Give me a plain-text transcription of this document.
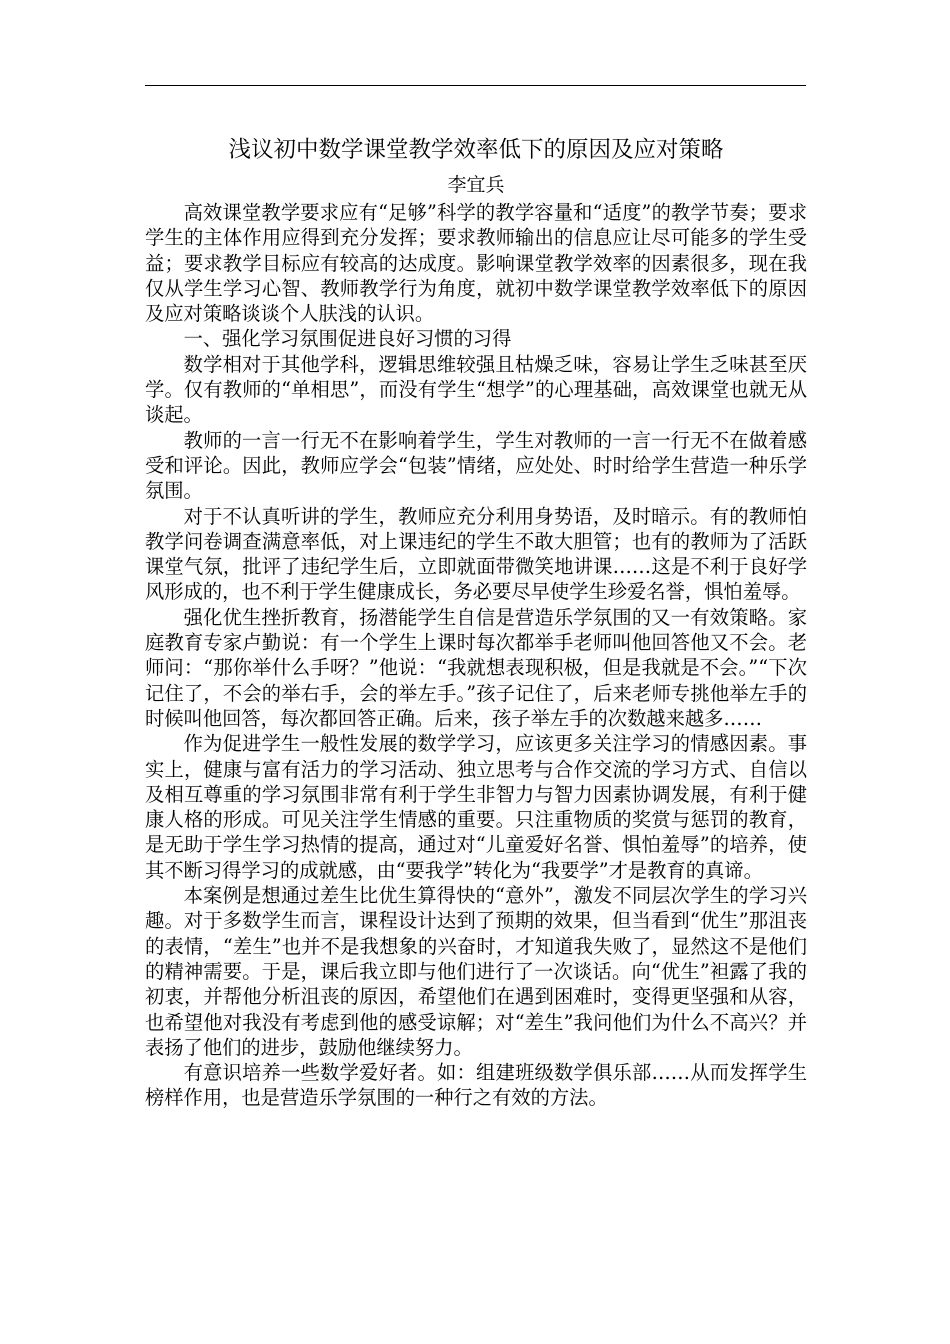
浅议初中数学课堂教学效率低下的原因及应对策略

李宜兵

高效课堂教学要求应有“足够”科学的教学容量和“适度”的教学节奏；要求学生的主体作用应得到充分发挥；要求教师输出的信息应让尽可能多的学生受益；要求教学目标应有较高的达成度。影响课堂教学效率的因素很多，现在我仅从学生学习心智、教师教学行为角度，就初中数学课堂教学效率低下的原因及应对策略谈谈个人肤浅的认识。

一、强化学习氛围促进良好习惯的习得

数学相对于其他学科，逻辑思维较强且枯燥乏味，容易让学生乏味甚至厌学。仅有教师的“单相思”，而没有学生“想学”的心理基础，高效课堂也就无从谈起。

教师的一言一行无不在影响着学生，学生对教师的一言一行无不在做着感受和评论。因此，教师应学会“包装”情绪，应处处、时时给学生营造一种乐学氛围。

对于不认真听讲的学生，教师应充分利用身势语，及时暗示。有的教师怕教学问卷调查满意率低，对上课违纪的学生不敢大胆管；也有的教师为了活跃课堂气氛，批评了违纪学生后，立即就面带微笑地讲课……这是不利于良好学风形成的，也不利于学生健康成长，务必要尽早使学生珍爱名誉，惧怕羞辱。

强化优生挫折教育，扬潜能学生自信是营造乐学氛围的又一有效策略。家庭教育专家卢勤说：有一个学生上课时每次都举手老师叫他回答他又不会。老师问：“那你举什么手呀？”他说：“我就想表现积极，但是我就是不会。”“下次记住了，不会的举右手，会的举左手。”孩子记住了，后来老师专挑他举左手的时候叫他回答，每次都回答正确。后来，孩子举左手的次数越来越多……

作为促进学生一般性发展的数学学习，应该更多关注学习的情感因素。事实上，健康与富有活力的学习活动、独立思考与合作交流的学习方式、自信以及相互尊重的学习氛围非常有利于学生非智力与智力因素协调发展，有利于健康人格的形成。可见关注学生情感的重要。只注重物质的奖赏与惩罚的教育，是无助于学生学习热情的提高，通过对“儿童爱好名誉、惧怕羞辱”的培养，使其不断习得学习的成就感，由“要我学”转化为“我要学”才是教育的真谛。

本案例是想通过差生比优生算得快的“意外”，激发不同层次学生的学习兴趣。对于多数学生而言，课程设计达到了预期的效果，但当看到“优生”那沮丧的表情，“差生”也并不是我想象的兴奋时，才知道我失败了，显然这不是他们的精神需要。于是，课后我立即与他们进行了一次谈话。向“优生”袒露了我的初衷，并帮他分析沮丧的原因，希望他们在遇到困难时，变得更坚强和从容，也希望他对我没有考虑到他的感受谅解；对“差生”我问他们为什么不高兴？并表扬了他们的进步，鼓励他继续努力。

有意识培养一些数学爱好者。如：组建班级数学俱乐部……从而发挥学生榜样作用，也是营造乐学氛围的一种行之有效的方法。
